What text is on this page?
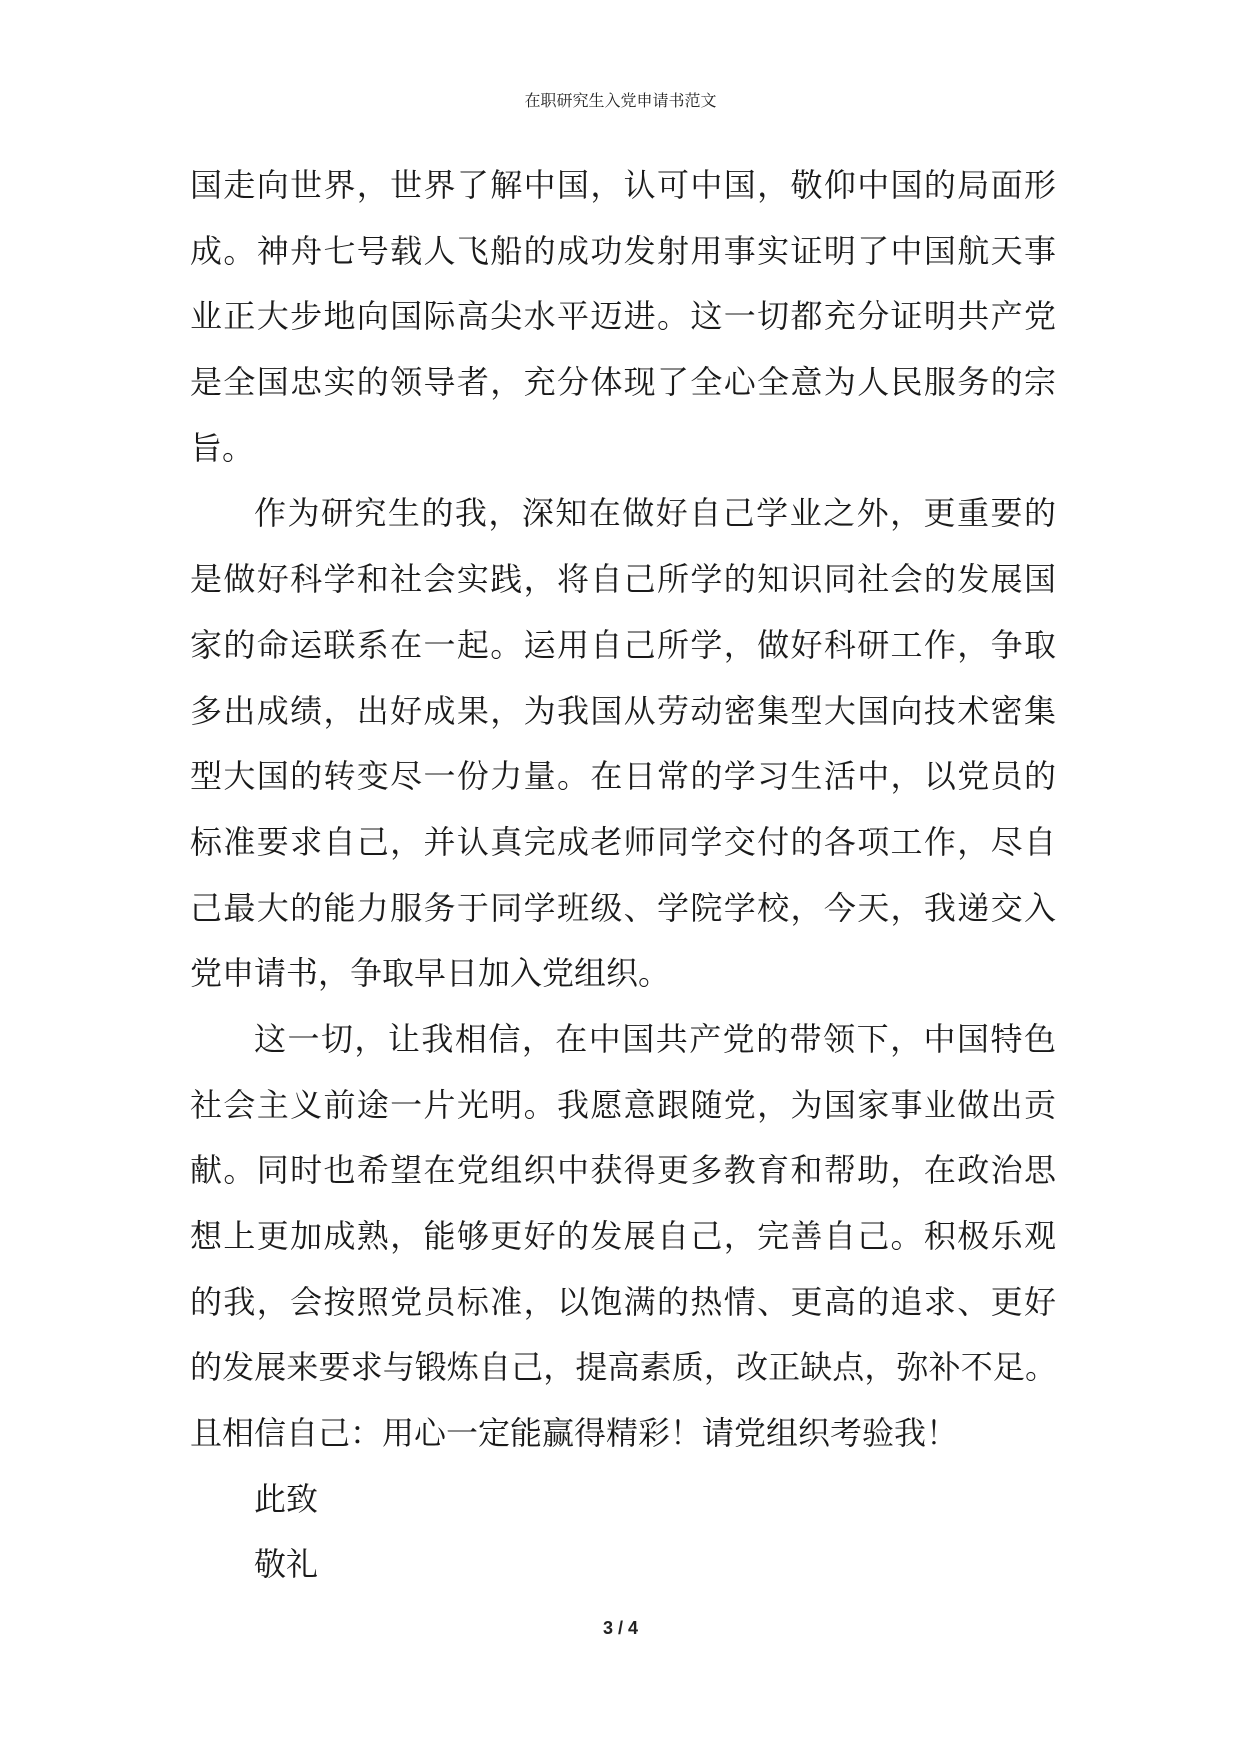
在职研究生入党申请书范文
国走向世界，世界了解中国，认可中国，敬仰中国的局面形
成。神舟七号载人飞船的成功发射用事实证明了中国航天事
业正大步地向国际高尖水平迈进。这一切都充分证明共产党
是全国忠实的领导者，充分体现了全心全意为人民服务的宗
旨。
作为研究生的我，深知在做好自己学业之外，更重要的
是做好科学和社会实践，将自己所学的知识同社会的发展国
家的命运联系在一起。运用自己所学，做好科研工作，争取
多出成绩，出好成果，为我国从劳动密集型大国向技术密集
型大国的转变尽一份力量。在日常的学习生活中，以党员的
标准要求自己，并认真完成老师同学交付的各项工作，尽自
己最大的能力服务于同学班级、学院学校，今天，我递交入
党申请书，争取早日加入党组织。
这一切，让我相信，在中国共产党的带领下，中国特色
社会主义前途一片光明。我愿意跟随党，为国家事业做出贡
献。同时也希望在党组织中获得更多教育和帮助，在政治思
想上更加成熟，能够更好的发展自己，完善自己。积极乐观
的我，会按照党员标准，以饱满的热情、更高的追求、更好
的发展来要求与锻炼自己，提高素质，改正缺点，弥补不足。
且相信自己：用心一定能赢得精彩！请党组织考验我！
此致
敬礼
3 / 4
